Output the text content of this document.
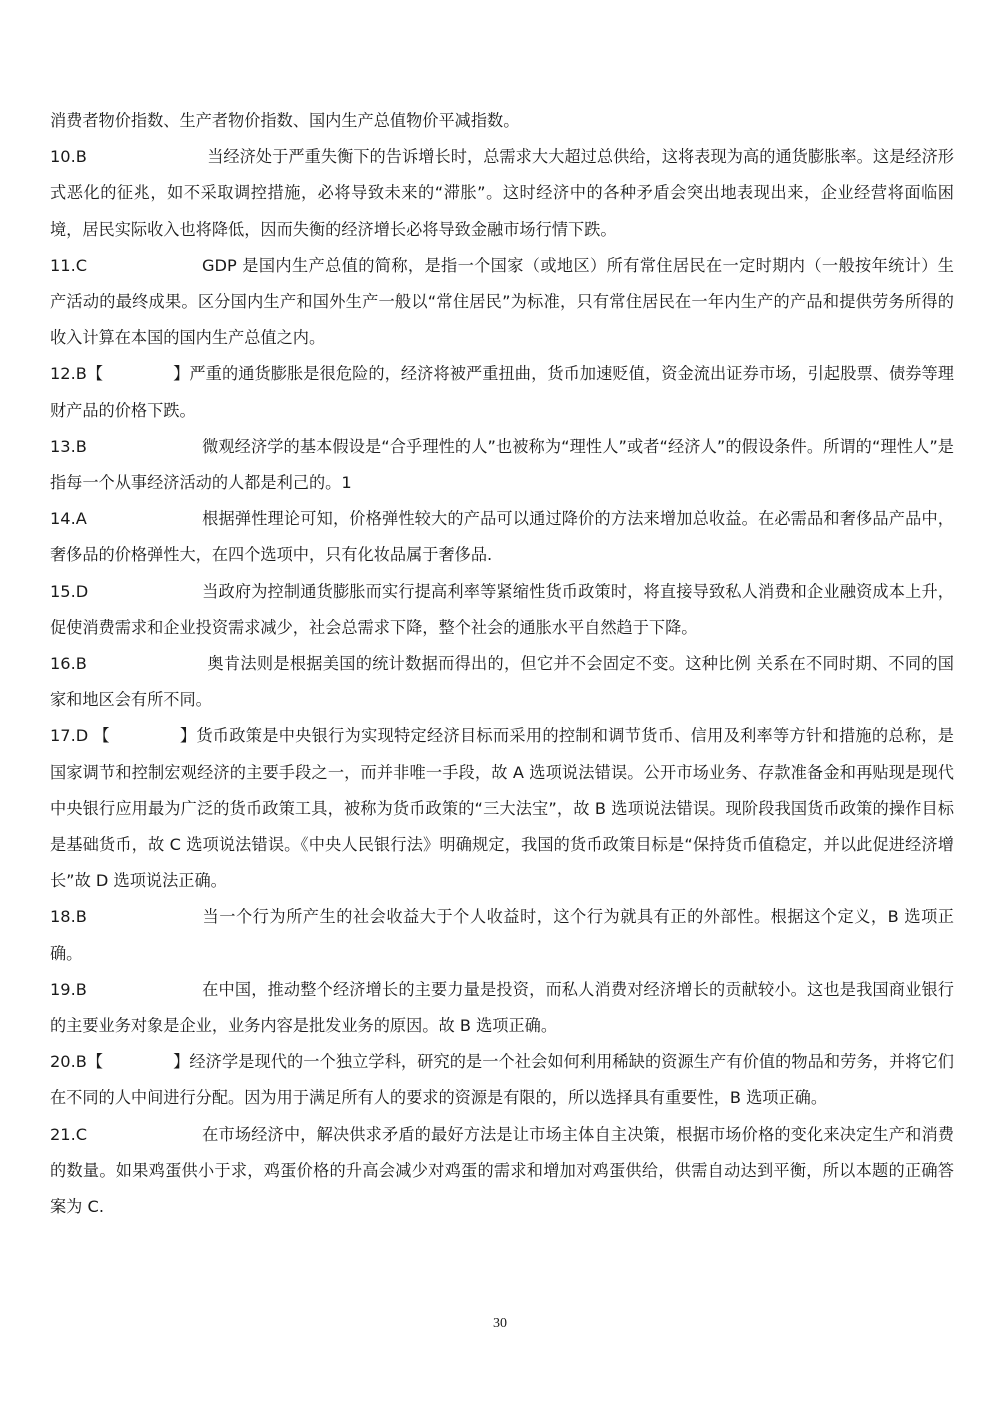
消费者物价指数、生产者物价指数、国内生产总值物价平减指数。

10.B	当经济处于严重失衡下的告诉增长时，总需求大大超过总供给，这将表现为高的通货膨胀率。这是经济形式恶化的征兆，如不采取调控措施，必将导致未来的“滞胀”。这时经济中的各种矛盾会突出地表现出来，企业经营将面临困境，居民实际收入也将降低，因而失衡的经济增长必将导致金融市场行情下跌。

11.C	GDP 是国内生产总值的简称，是指一个国家（或地区）所有常住居民在一定时期内（一般按年统计）生产活动的最终成果。区分国内生产和国外生产一般以“常住居民”为标准，只有常住居民在一年内生产的产品和提供劳务所得的收入计算在本国的国内生产总值之内。

12.B【	】严重的通货膨胀是很危险的，经济将被严重扭曲，货币加速贬值，资金流出证券市场，引起股票、债券等理财产品的价格下跌。

13.B	微观经济学的基本假设是“合乎理性的人”也被称为“理性人”或者“经济人”的假设条件。所谓的“理性人”是指每一个从事经济活动的人都是利己的。1

14.A	根据弹性理论可知，价格弹性较大的产品可以通过降价的方法来增加总收益。在必需品和奢侈品产品中，奢侈品的价格弹性大，在四个选项中，只有化妆品属于奢侈品.

15.D	当政府为控制通货膨胀而实行提高利率等紧缩性货币政策时，将直接导致私人消费和企业融资成本上升，促使消费需求和企业投资需求减少，社会总需求下降，整个社会的通胀水平自然趋于下降。

16.B	奥肯法则是根据美国的统计数据而得出的，但它并不会固定不变。这种比例 关系在不同时期、不同的国家和地区会有所不同。

17.D 【	】货币政策是中央银行为实现特定经济目标而采用的控制和调节货币、信用及利率等方针和措施的总称，是国家调节和控制宏观经济的主要手段之一，而并非唯一手段，故 A 选项说法错误。公开市场业务、存款准备金和再贴现是现代中央银行应用最为广泛的货币政策工具，被称为货币政策的“三大法宝”，故 B 选项说法错误。现阶段我国货币政策的操作目标是基础货币，故 C 选项说法错误。《中央人民银行法》明确规定，我国的货币政策目标是“保持货币值稳定，并以此促进经济增长”故 D 选项说法正确。

18.B	当一个行为所产生的社会收益大于个人收益时，这个行为就具有正的外部性。根据这个定义，B 选项正确。

19.B	在中国，推动整个经济增长的主要力量是投资，而私人消费对经济增长的贡献较小。这也是我国商业银行的主要业务对象是企业，业务内容是批发业务的原因。故 B 选项正确。

20.B【	】经济学是现代的一个独立学科，研究的是一个社会如何利用稀缺的资源生产有价值的物品和劳务，并将它们在不同的人中间进行分配。因为用于满足所有人的要求的资源是有限的，所以选择具有重要性，B 选项正确。

21.C	在市场经济中，解决供求矛盾的最好方法是让市场主体自主决策，根据市场价格的变化来决定生产和消费的数量。如果鸡蛋供小于求，鸡蛋价格的升高会减少对鸡蛋的需求和增加对鸡蛋供给，供需自动达到平衡，所以本题的正确答案为 C.

30
